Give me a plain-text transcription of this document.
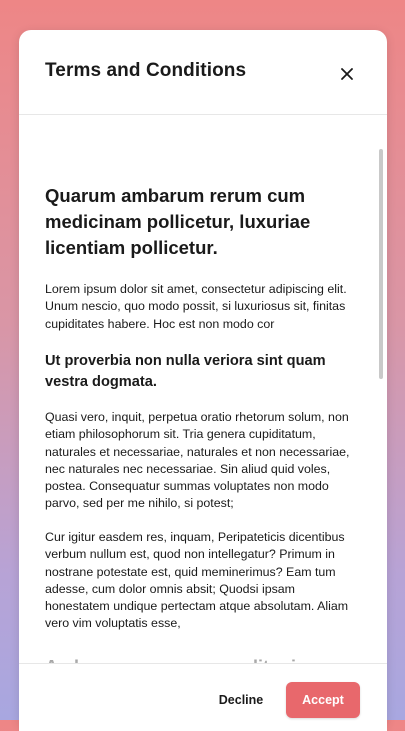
Terms and Conditions
Quarum ambarum rerum cum medicinam pollicetur, luxuriae licentiam pollicetur.

Lorem ipsum dolor sit amet, consectetur adipiscing elit. Unum nescio, quo modo possit, si luxuriosus sit, finitas cupiditates habere. Hoc est non modo cor

Ut proverbia non nulla veriora sint quam vestra dogmata.

Quasi vero, inquit, perpetua oratio rhetorum solum, non etiam philosophorum sit. Tria genera cupiditatum, naturales et necessariae, naturales et non necessariae, nec naturales nec necessariae. Sin aliud quid voles, postea. Consequatur summas voluptates non modo parvo, sed per me nihilo, si potest;

Cur igitur easdem res, inquam, Peripateticis dicentibus verbum nullum est, quod non intellegatur? Primum in nostrane potestate est, quid meminerimus? Eam tum adesse, cum dolor omnis absit; Quodsi ipsam honestatem undique pertectam atque absolutam. Aliam vero vim voluptatis esse,

Decline	Accept
